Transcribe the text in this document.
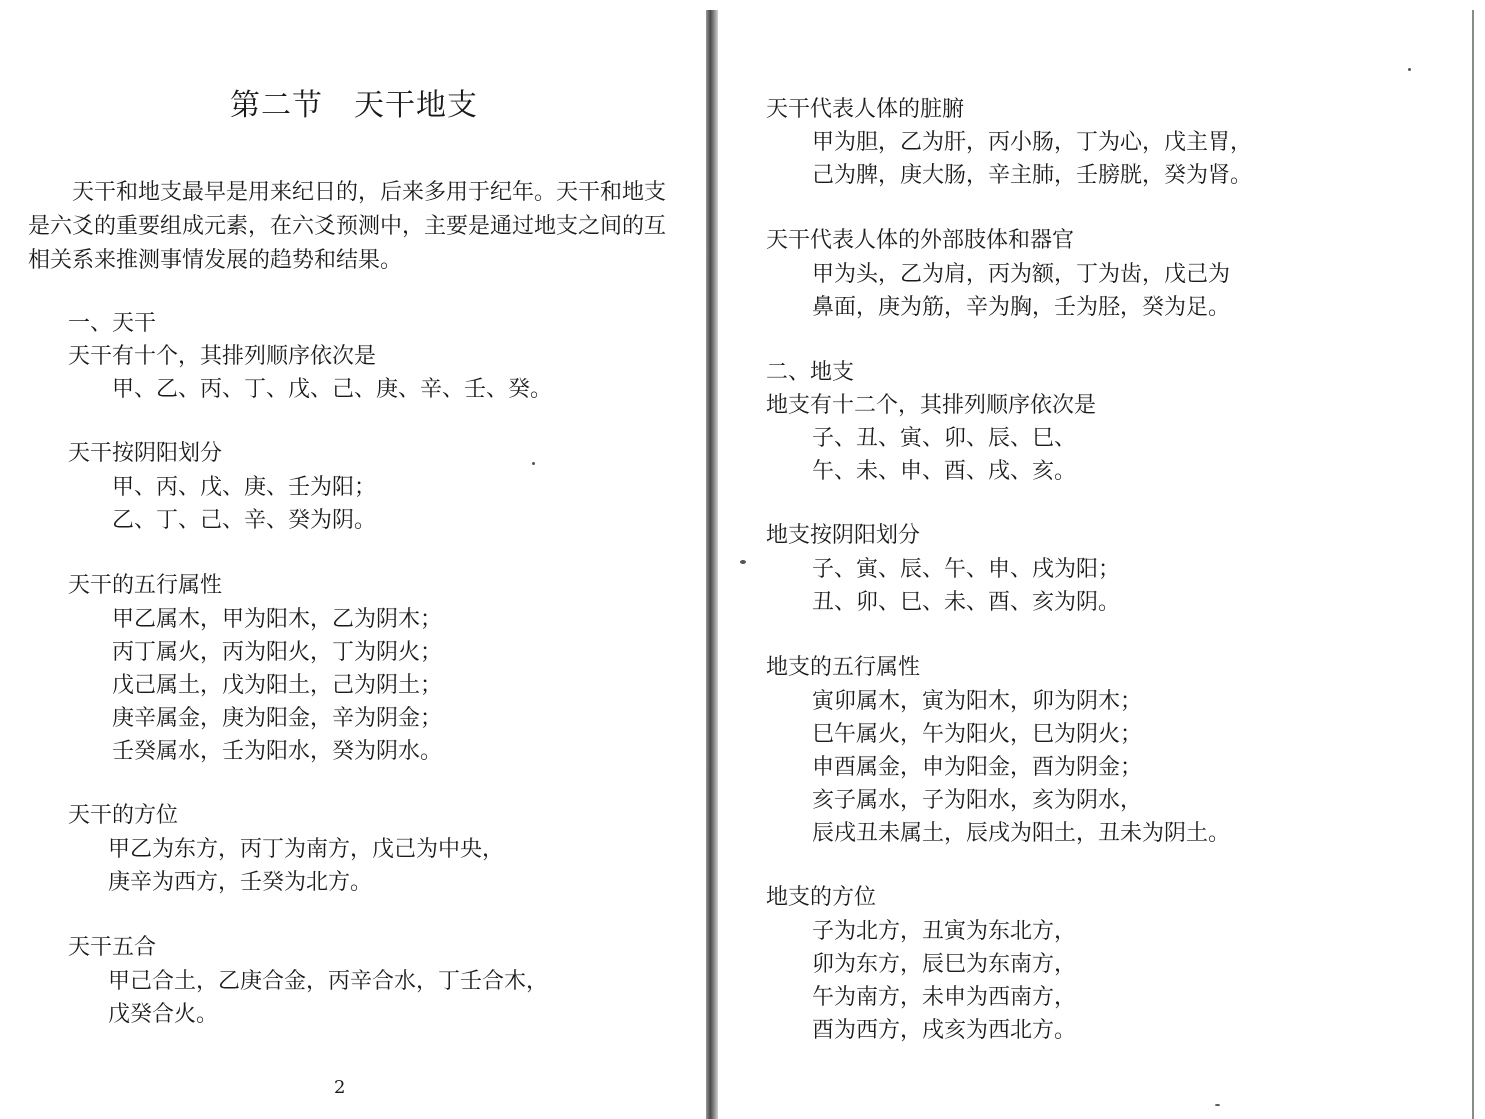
第二节　天干地支
　　天干和地支最早是用来纪日的，后来多用于纪年。天干和地支
是六爻的重要组成元素，在六爻预测中，主要是通过地支之间的互
相关系来推测事情发展的趋势和结果。
一、天干
天干有十个，其排列顺序依次是
甲、乙、丙、丁、戊、己、庚、辛、壬、癸。
天干按阴阳划分
甲、丙、戊、庚、壬为阳；
乙、丁、己、辛、癸为阴。
天干的五行属性
甲乙属木，甲为阳木，乙为阴木；
丙丁属火，丙为阳火，丁为阴火；
戊己属土，戊为阳土，己为阴土；
庚辛属金，庚为阳金，辛为阴金；
壬癸属水，壬为阳水，癸为阴水。
天干的方位
甲乙为东方，丙丁为南方，戊己为中央，
庚辛为西方，壬癸为北方。
天干五合
甲己合土，乙庚合金，丙辛合水，丁壬合木，
戊癸合火。
2
天干代表人体的脏腑
甲为胆，乙为肝，丙小肠，丁为心，戊主胃，
己为脾，庚大肠，辛主肺，壬膀胱，癸为肾。
天干代表人体的外部肢体和器官
甲为头，乙为肩，丙为额，丁为齿，戊己为
鼻面，庚为筋，辛为胸，壬为胫，癸为足。
二、地支
地支有十二个，其排列顺序依次是
子、丑、寅、卯、辰、巳、
午、未、申、酉、戌、亥。
地支按阴阳划分
子、寅、辰、午、申、戌为阳；
丑、卯、巳、未、酉、亥为阴。
地支的五行属性
寅卯属木，寅为阳木，卯为阴木；
巳午属火，午为阳火，巳为阴火；
申酉属金，申为阳金，酉为阴金；
亥子属水，子为阳水，亥为阴水，
辰戌丑未属土，辰戌为阳土，丑未为阴土。
地支的方位
子为北方，丑寅为东北方，
卯为东方，辰巳为东南方，
午为南方，未申为西南方，
酉为西方，戌亥为西北方。
